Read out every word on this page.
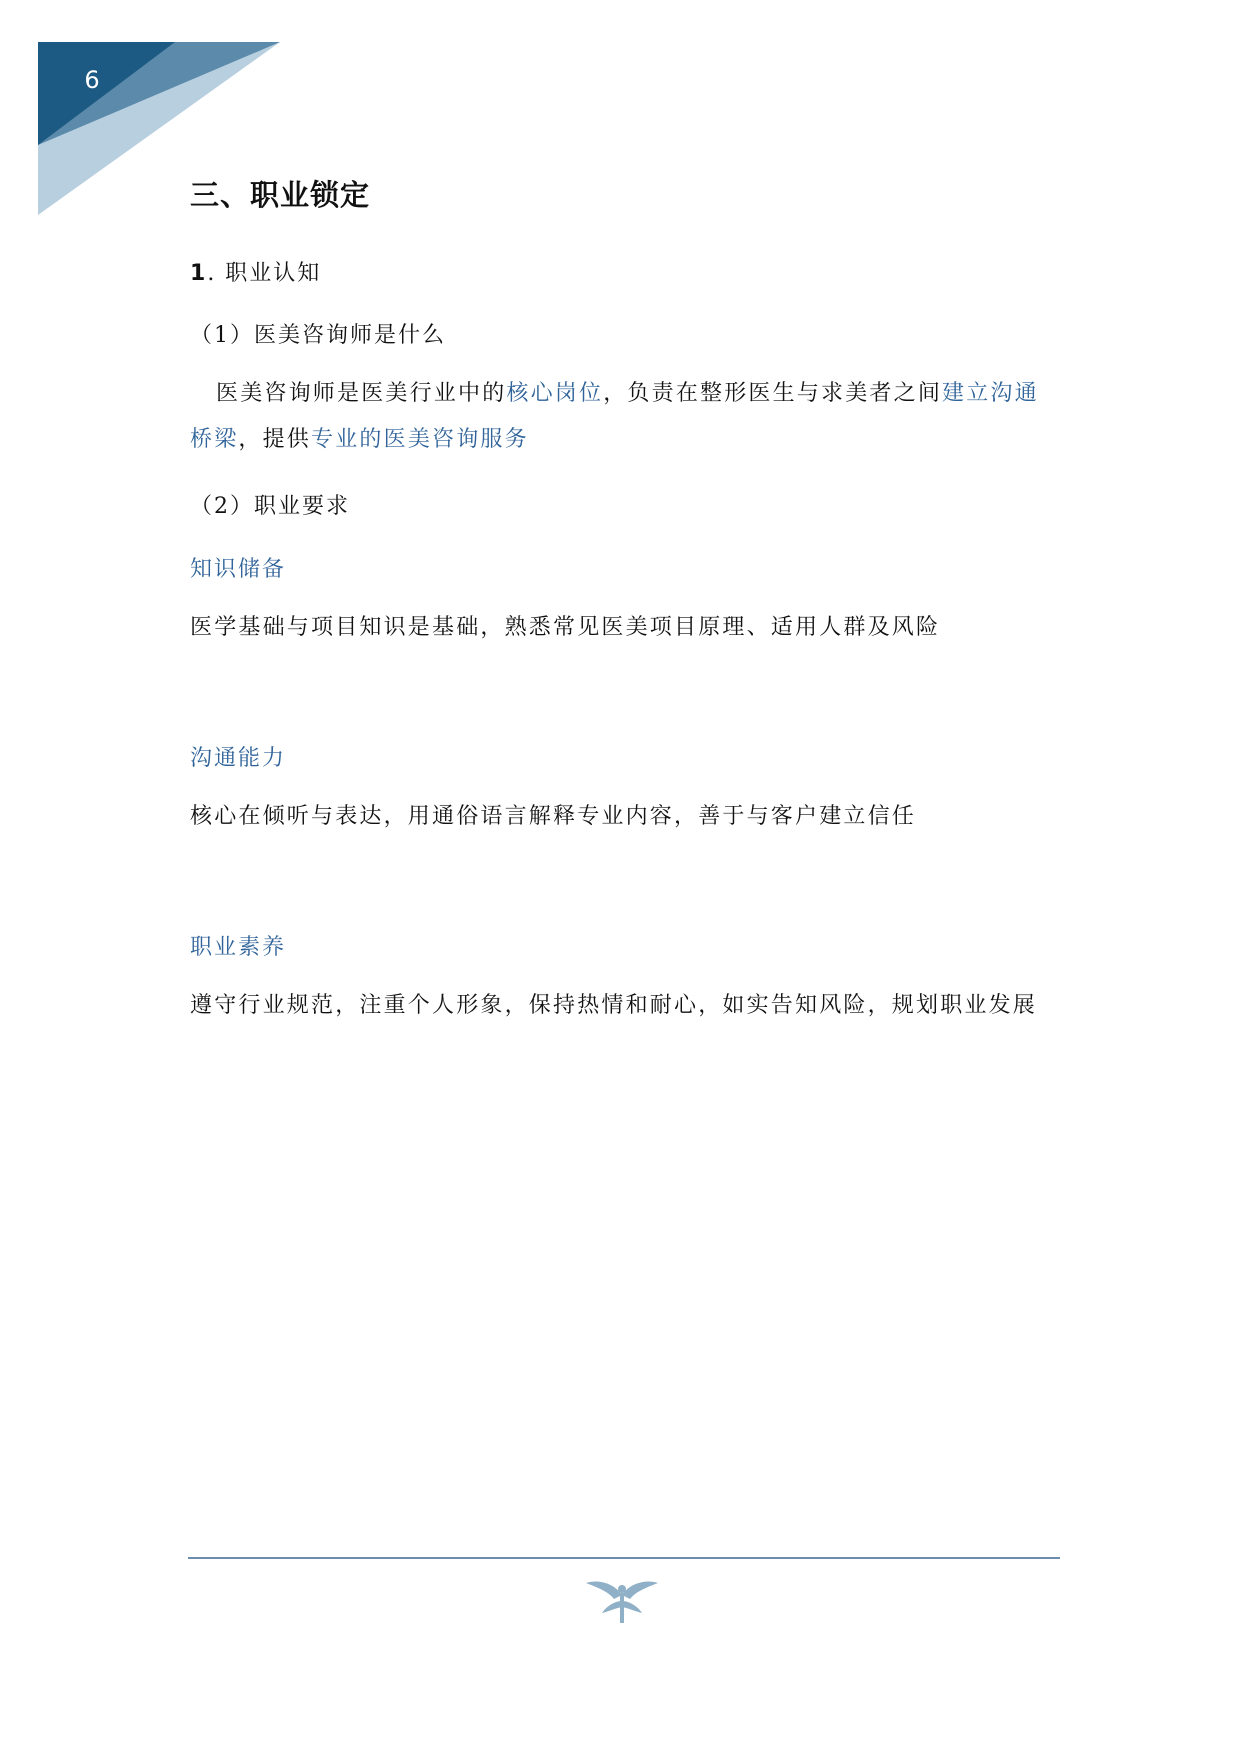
6
三、职业锁定

1. 职业认知

（1）医美咨询师是什么

医美咨询师是医美行业中的核心岗位，负责在整形医生与求美者之间建立沟通桥梁，提供专业的医美咨询服务

（2）职业要求

知识储备

医学基础与项目知识是基础，熟悉常见医美项目原理、适用人群及风险

沟通能力

核心在倾听与表达，用通俗语言解释专业内容，善于与客户建立信任

职业素养

遵守行业规范，注重个人形象，保持热情和耐心，如实告知风险，规划职业发展
